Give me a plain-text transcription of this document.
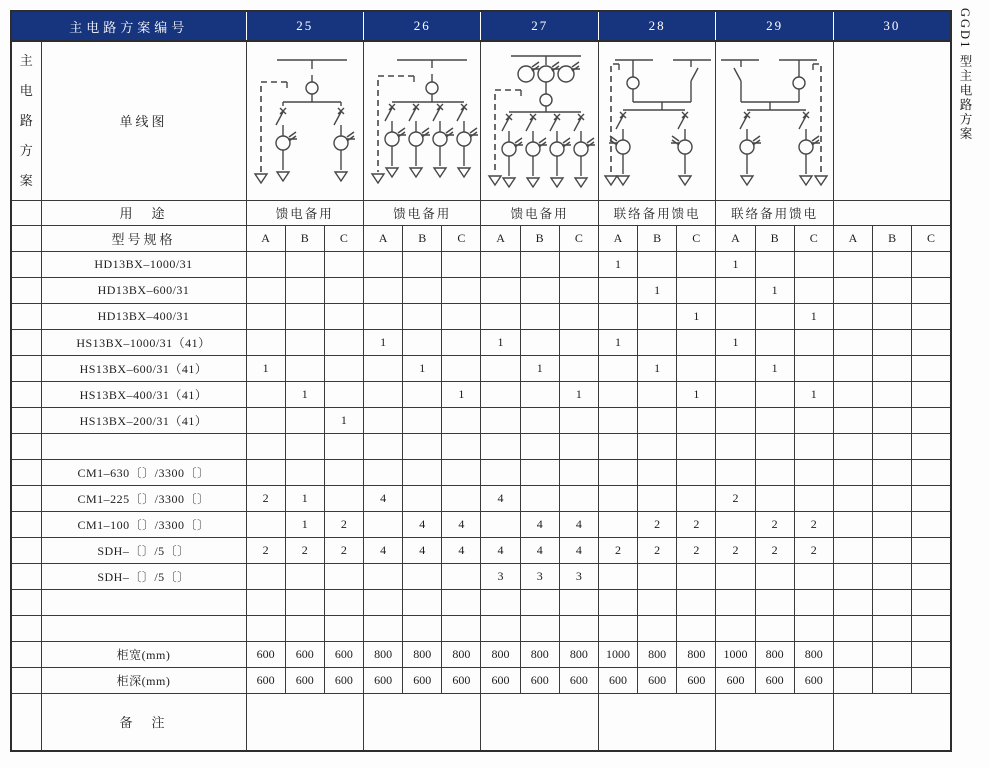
主电路方案编号		25			26			27			28			29			30		

主
电
路
方
案	单线图	

	用　途	馈电备用			馈电备用			馈电备用			联络备用馈电			联络备用馈电					
	型号规格	A	B	C	A	B	C	A	B	C	A	B	C	A	B	C	A	B	C
	HD13BX–1000/31										1			1					
	HD13BX–600/31											1			1				
	HD13BX–400/31												1			1			
	HS13BX–1000/31（41）				1			1			1			1					
	HS13BX–600/31（41）	1				1			1			1			1				
	HS13BX–400/31（41）		1				1			1			1			1			
	HS13BX–200/31（41）			1															

	CM1–630〔〕/3300〔〕																		
	CM1–225〔〕/3300〔〕	2	1		4			4						2					
	CM1–100〔〕/3300〔〕		1	2		4	4		4	4		2	2		2	2			
	SDH–〔〕/5〔〕	2	2	2	4	4	4	4	4	4	2	2	2	2	2	2			
	SDH–〔〕/5〔〕							3	3	3									

	柜宽(mm)	600	600	600	800	800	800	800	800	800	1000	800	800	1000	800	800			
	柜深(mm)	600	600	600	600	600	600	600	600	600	600	600	600	600	600	600			
	备　注																		
GGD1 型主电路方案
